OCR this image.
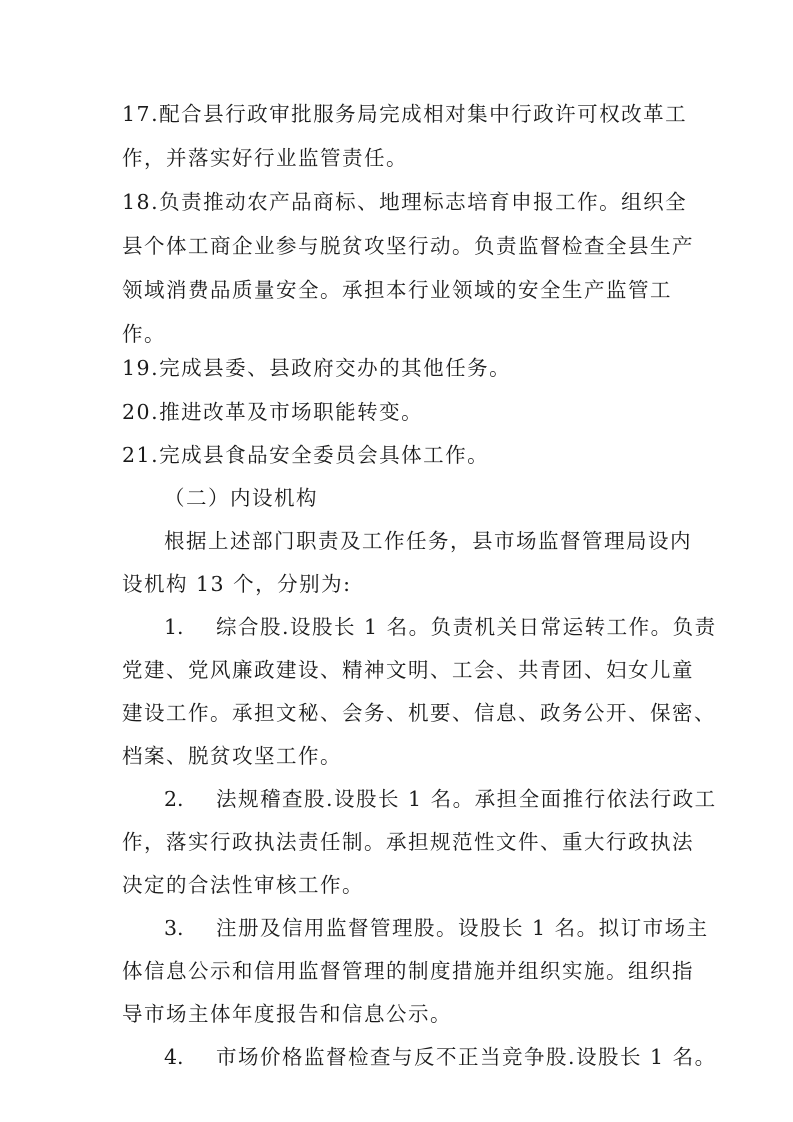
17.配合县行政审批服务局完成相对集中行政许可权改革工
作，并落实好行业监管责任。
18.负责推动农产品商标、地理标志培育申报工作。组织全
县个体工商企业参与脱贫攻坚行动。负责监督检查全县生产
领域消费品质量安全。承担本行业领域的安全生产监管工
作。
19.完成县委、县政府交办的其他任务。
20.推进改革及市场职能转变。
21.完成县食品安全委员会具体工作。
（二）内设机构
根据上述部门职责及工作任务，县市场监督管理局设内
设机构 13 个，分别为:
1. 综合股.设股长 1 名。负责机关日常运转工作。负责
党建、党风廉政建设、精神文明、工会、共青团、妇女儿童
建设工作。承担文秘、会务、机要、信息、政务公开、保密、
档案、脱贫攻坚工作。
2. 法规稽查股.设股长 1 名。承担全面推行依法行政工
作，落实行政执法责任制。承担规范性文件、重大行政执法
决定的合法性审核工作。
3. 注册及信用监督管理股。设股长 1 名。拟订市场主
体信息公示和信用监督管理的制度措施并组织实施。组织指
导市场主体年度报告和信息公示。
4. 市场价格监督检查与反不正当竞争股.设股长 1 名。
